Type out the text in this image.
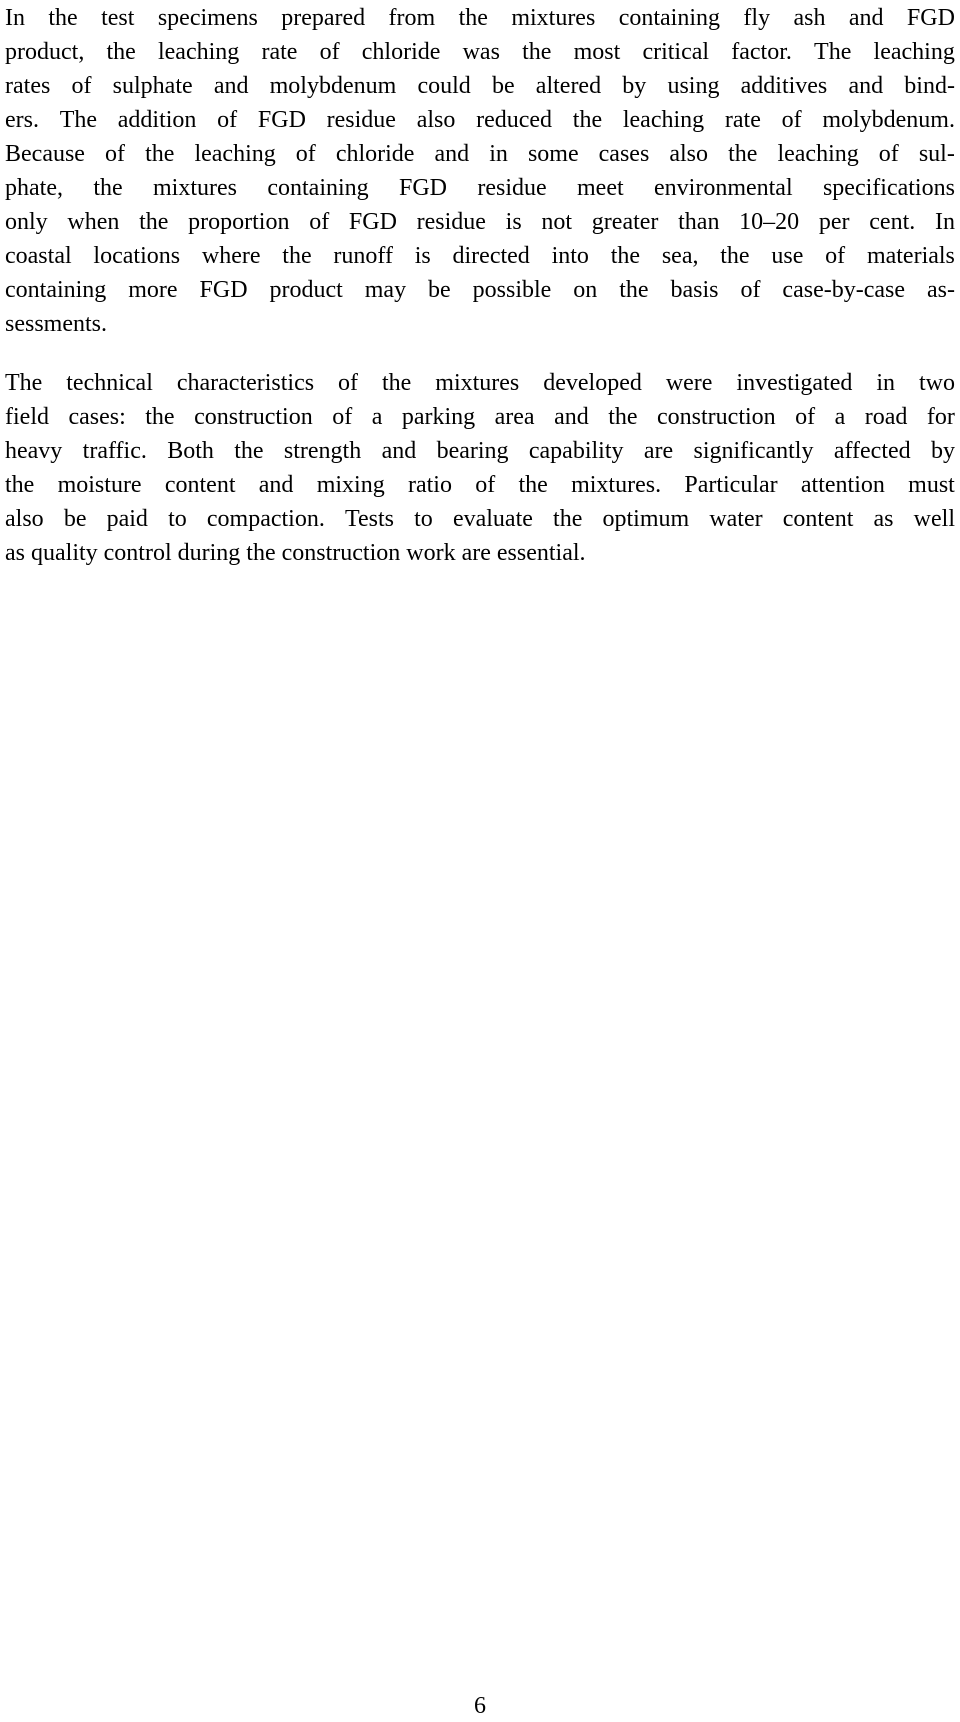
In the test specimens prepared from the mixtures containing fly ash and FGD
product, the leaching rate of chloride was the most critical factor. The leaching
rates of sulphate and molybdenum could be altered by using additives and bind-
ers. The addition of FGD residue also reduced the leaching rate of molybdenum.
Because of the leaching of chloride and in some cases also the leaching of sul-
phate, the mixtures containing FGD residue meet environmental specifications
only when the proportion of FGD residue is not greater than 10–20 per cent. In
coastal locations where the runoff is directed into the sea, the use of materials
containing more FGD product may be possible on the basis of case-by-case as-
sessments.
The technical characteristics of the mixtures developed were investigated in two
field cases: the construction of a parking area and the construction of a road for
heavy traffic. Both the strength and bearing capability are significantly affected by
the moisture content and mixing ratio of the mixtures. Particular attention must
also be paid to compaction. Tests to evaluate the optimum water content as well
as quality control during the construction work are essential.
6
